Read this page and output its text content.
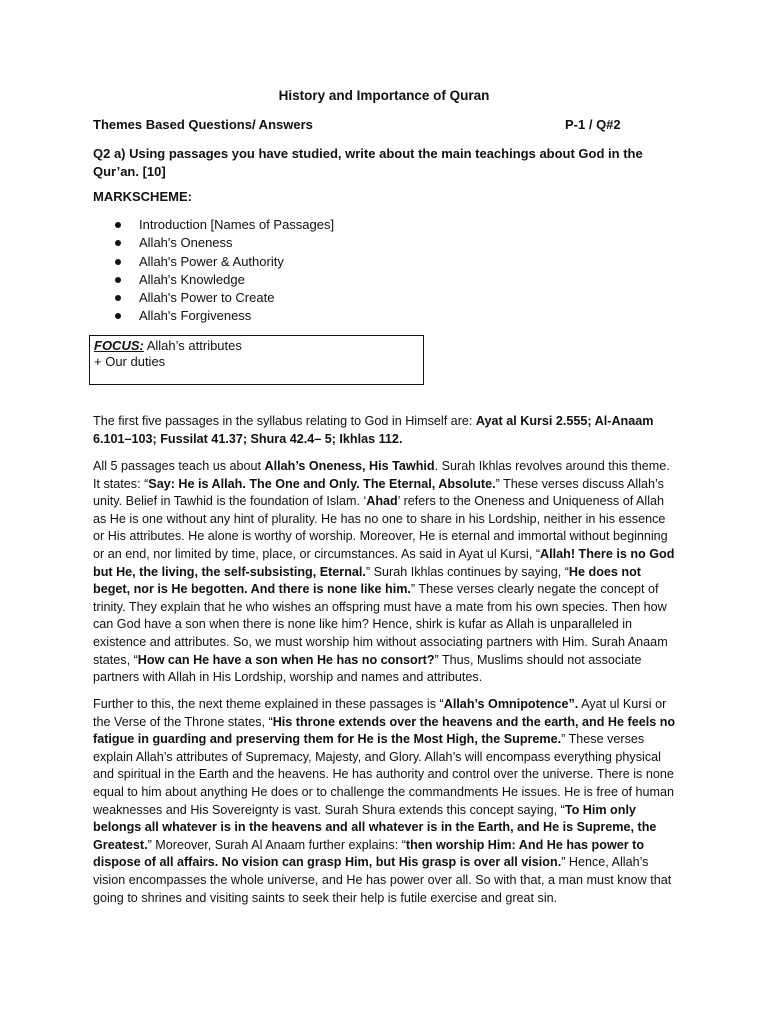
History and Importance of Quran
Themes Based Questions/ Answers	P-1 / Q#2
Q2 a) Using passages you have studied, write about the main teachings about God in the Qur’an. [10]
MARKSCHEME:
Introduction [Names of Passages]
Allah's Oneness
Allah's Power & Authority
Allah's Knowledge
Allah's Power to Create
Allah's Forgiveness
FOCUS: Allah’s attributes
+ Our duties

The first five passages in the syllabus relating to God in Himself are: Ayat al Kursi 2.555; Al-Anaam 6.101–103; Fussilat 41.37; Shura 42.4– 5; Ikhlas 112.

All 5 passages teach us about Allah’s Oneness, His Tawhid. Surah Ikhlas revolves around this theme. It states: “Say: He is Allah. The One and Only. The Eternal, Absolute.” These verses discuss Allah’s unity. Belief in Tawhid is the foundation of Islam. ‘Ahad’ refers to the Oneness and Uniqueness of Allah as He is one without any hint of plurality. He has no one to share in his Lordship, neither in his essence or His attributes. He alone is worthy of worship. Moreover, He is eternal and immortal without beginning or an end, nor limited by time, place, or circumstances. As said in Ayat ul Kursi, “Allah! There is no God but He, the living, the self-subsisting, Eternal.” Surah Ikhlas continues by saying, “He does not beget, nor is He begotten. And there is none like him.” These verses clearly negate the concept of trinity. They explain that he who wishes an offspring must have a mate from his own species. Then how can God have a son when there is none like him? Hence, shirk is kufar as Allah is unparalleled in existence and attributes. So, we must worship him without associating partners with Him. Surah Anaam states, “How can He have a son when He has no consort?” Thus, Muslims should not associate partners with Allah in His Lordship, worship and names and attributes.

Further to this, the next theme explained in these passages is “Allah’s Omnipotence”. Ayat ul Kursi or the Verse of the Throne states, “His throne extends over the heavens and the earth, and He feels no fatigue in guarding and preserving them for He is the Most High, the Supreme.” These verses explain Allah’s attributes of Supremacy, Majesty, and Glory. Allah’s will encompass everything physical and spiritual in the Earth and the heavens. He has authority and control over the universe. There is none equal to him about anything He does or to challenge the commandments He issues. He is free of human weaknesses and His Sovereignty is vast. Surah Shura extends this concept saying, “To Him only belongs all whatever is in the heavens and all whatever is in the Earth, and He is Supreme, the Greatest.” Moreover, Surah Al Anaam further explains: “then worship Him: And He has power to dispose of all affairs. No vision can grasp Him, but His grasp is over all vision.” Hence, Allah’s vision encompasses the whole universe, and He has power over all. So with that, a man must know that going to shrines and visiting saints to seek their help is futile exercise and great sin.
